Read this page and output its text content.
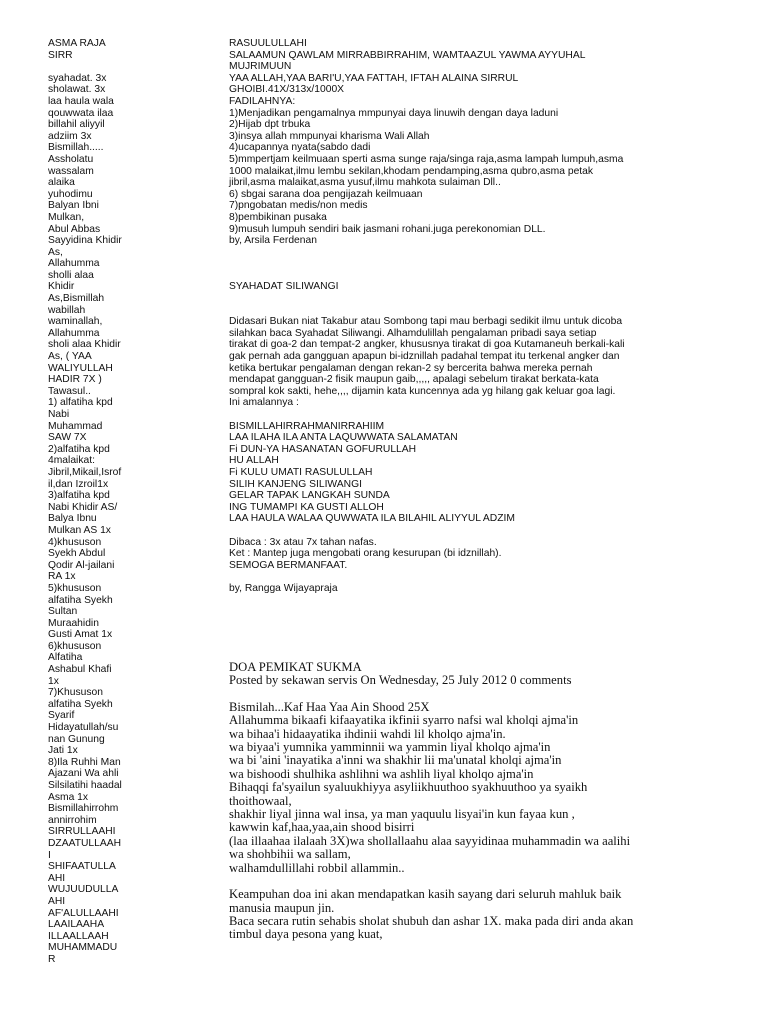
ASMA RAJA
SIRR
syahadat. 3x
sholawat. 3x
laa haula wala
qouwwata ilaa
billahil aliyyil
adziim 3x
Bismillah.....
Assholatu
wassalam
alaika
yuhodimu
Balyan Ibni
Mulkan,
Abul Abbas
Sayyidina Khidir
As,
Allahumma
sholli alaa
Khidir
As,Bismillah
wabillah
waminallah,
Allahumma
sholi alaa Khidir
As, ( YAA
WALIYULLAH
HADIR 7X )
Tawasul..
1) alfatiha kpd
Nabi
Muhammad
SAW 7X
2)alfatiha kpd
4malaikat:
Jibril,Mikail,Isrof
il,dan Izroil1x
3)alfatiha kpd
Nabi Khidir AS/
Balya Ibnu
Mulkan AS 1x
4)khususon
Syekh Abdul
Qodir Al-jailani
RA 1x
5)khususon
alfatiha Syekh
Sultan
Muraahidin
Gusti Amat 1x
6)khususon
Alfatiha
Ashabul Khafi
1x
7)Khususon
alfatiha Syekh
Syarif
Hidayatullah/su
nan Gunung
Jati 1x
8)Ila Ruhhi Man
Ajazani Wa ahli
Silsilatihi haadal
Asma 1x
Bismillahirrohm
annirrohim
SIRRULLAAHI
DZAATULLAAH
I
SHIFAATULLA
AHI
WUJUUDULLA
AHI
AF'ALULLAAHI
LAAILAAHA
ILLAALLAAH
MUHAMMADU
R
RASUULULLAHI
SALAAMUN QAWLAM MIRRABBIRRAHIM, WAMTAAZUL YAWMA AYYUHAL
MUJRIMUUN
YAA ALLAH,YAA BARI'U,YAA FATTAH, IFTAH ALAINA SIRRUL
GHOIBI.41X/313x/1000X
FADILAHNYA:
1)Menjadikan pengamalnya mmpunyai daya linuwih dengan daya laduni
2)Hijab dpt trbuka
3)insya allah mmpunyai kharisma Wali Allah
4)ucapannya nyata(sabdo dadi
5)mmpertjam keilmuaan sperti asma sunge raja/singa raja,asma lampah lumpuh,asma
1000 malaikat,ilmu lembu sekilan,khodam pendamping,asma qubro,asma petak
jibril,asma malaikat,asma yusuf,ilmu mahkota sulaiman Dll..
6) sbgai sarana doa pengijazah keilmuaan
7)pngobatan medis/non medis
8)pembikinan pusaka
9)musuh lumpuh sendiri baik jasmani rohani.juga perekonomian DLL.
by, Arsila Ferdenan
SYAHADAT SILIWANGI
Didasari Bukan niat Takabur atau Sombong tapi mau berbagi sedikit ilmu untuk dicoba
silahkan baca Syahadat Siliwangi. Alhamdulillah pengalaman pribadi saya setiap
tirakat di goa-2 dan tempat-2 angker, khususnya tirakat di goa Kutamaneuh berkali-kali
gak pernah ada gangguan apapun bi-idznillah padahal tempat itu terkenal angker dan
ketika bertukar pengalaman dengan rekan-2 sy bercerita bahwa mereka pernah
mendapat gangguan-2 fisik maupun gaib,,,,, apalagi sebelum tirakat berkata-kata
sompral kok sakti, hehe,,,, dijamin kata kuncennya ada yg hilang gak keluar goa lagi.
Ini amalannya :
BISMILLAHIRRAHMANIRRAHIIM
LAA ILAHA ILA ANTA LAQUWWATA SALAMATAN
Fi DUN-YA HASANATAN GOFURULLAH
HU ALLAH
Fi KULU UMATI RASULULLAH
SILIH KANJENG SILIWANGI
GELAR TAPAK LANGKAH SUNDA
ING TUMAMPI KA GUSTI ALLOH
LAA HAULA WALAA QUWWATA ILA BILAHIL ALIYYUL ADZIM
Dibaca : 3x atau 7x tahan nafas.
Ket : Mantep juga mengobati orang kesurupan (bi idznillah).
SEMOGA BERMANFAAT.
by, Rangga Wijayapraja
DOA PEMIKAT SUKMA
Posted by sekawan servis On Wednesday, 25 July 2012 0 comments
Bismilah...Kaf Haa Yaa Ain Shood 25X
Allahumma bikaafi kifaayatika ikfinii syarro nafsi wal kholqi ajma'in
wa bihaa'i hidaayatika ihdinii wahdi lil kholqo ajma'in.
wa biyaa'i yumnika yamminnii wa yammin liyal kholqo ajma'in
wa bi 'aini 'inayatika a'inni wa shakhir lii ma'unatal kholqi ajma'in
wa bishoodi shulhika ashlihni wa ashlih liyal kholqo ajma'in
Bihaqqi fa'syailun syaluukhiyya asyliikhuuthoo syakhuuthoo ya syaikh
thoithowaal,
shakhir liyal jinna wal insa, ya man yaquulu lisyai'in kun fayaa kun ,
kawwin kaf,haa,yaa,ain shood bisirri
(laa illaahaa ilalaah 3X)wa shollallaahu alaa sayyidinaa muhammadin wa aalihi
wa shohbihii wa sallam,
walhamdullillahi robbil allammin..
Keampuhan doa ini akan mendapatkan kasih sayang dari seluruh mahluk baik
manusia maupun jin.
Baca secara rutin sehabis sholat shubuh dan ashar 1X. maka pada diri anda akan
timbul daya pesona yang kuat,
